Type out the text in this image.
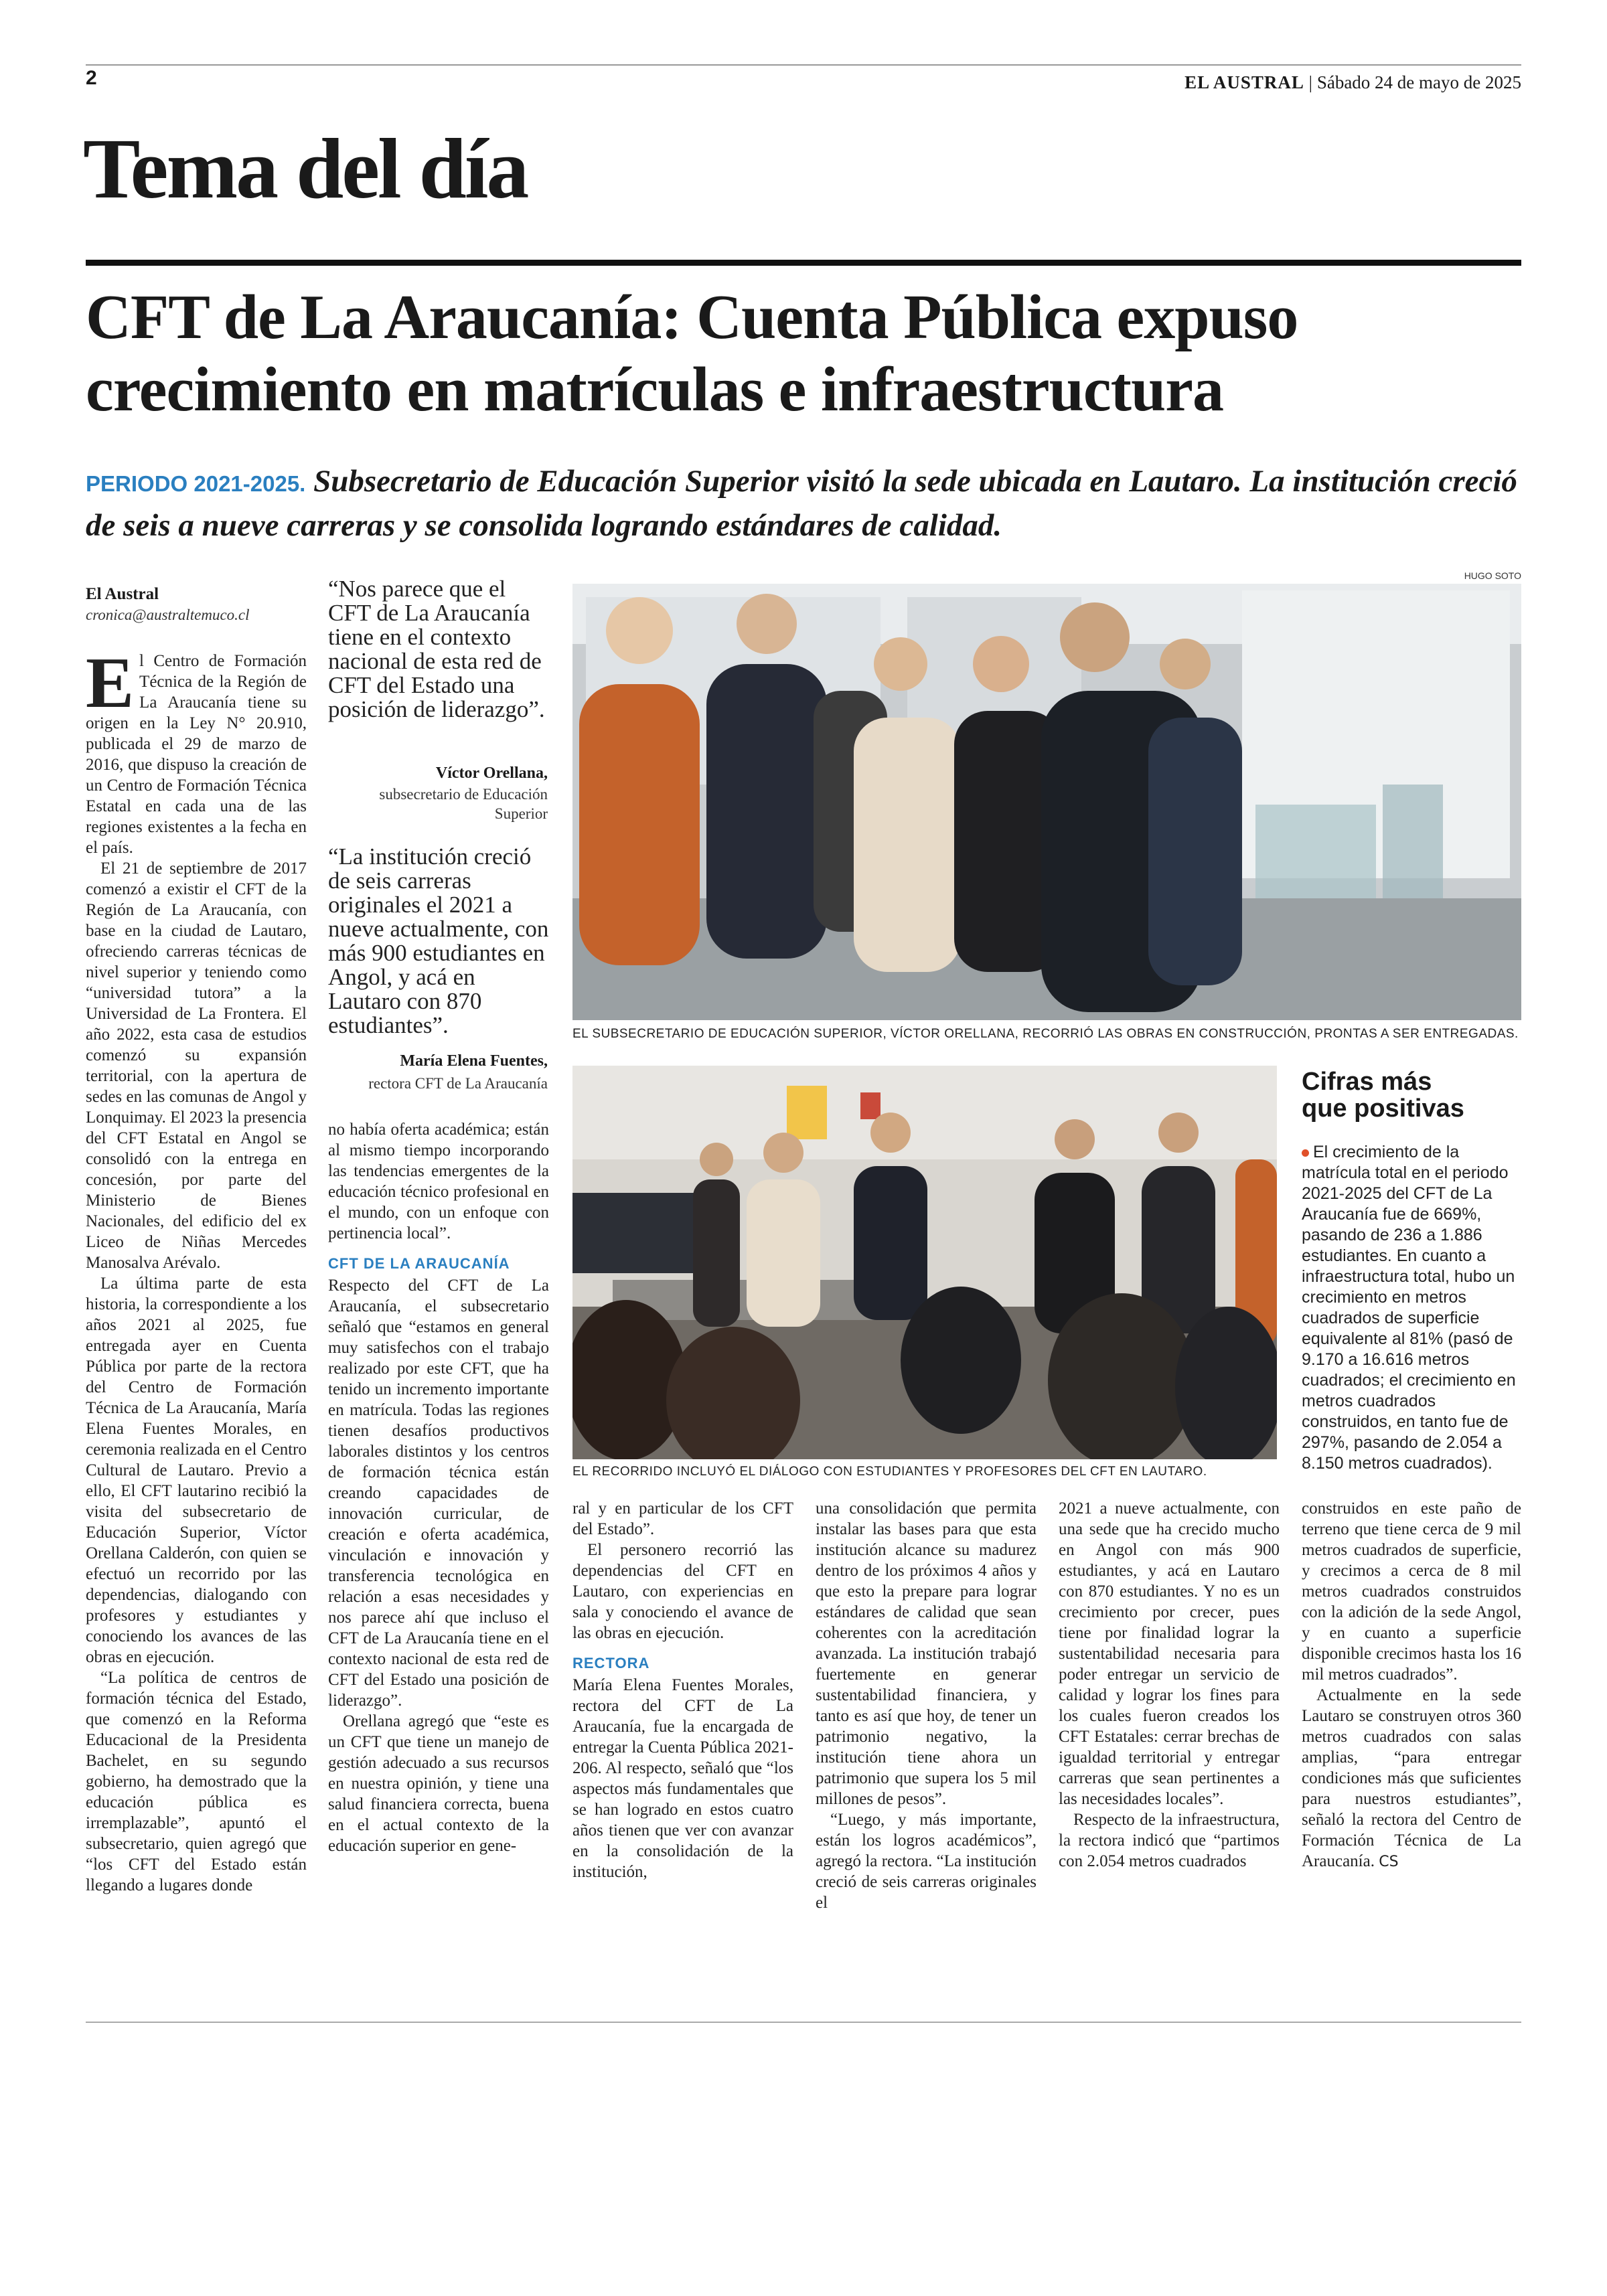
2	EL AUSTRAL | Sábado 24 de mayo de 2025
Tema del día
CFT de La Araucanía: Cuenta Pública expuso
crecimiento en matrículas e infraestructura
PERIODO 2021-2025. Subsecretario de Educación Superior visitó la sede ubicada en Lautaro. La institución creció de seis a nueve carreras y se consolida logrando estándares de calidad.
El Austral
cronica@australtemuco.cl
E l Centro de Formación Técnica de la Región de La Araucanía tiene su origen en la Ley N° 20.910, publicada el 29 de marzo de 2016, que dispuso la creación de un Centro de Formación Técnica Estatal en cada una de las regiones existentes a la fecha en el país.

El 21 de septiembre de 2017 comenzó a existir el CFT de la Región de La Araucanía, con base en la ciudad de Lautaro, ofreciendo carreras técnicas de nivel superior y teniendo como “universidad tutora” a la Universidad de La Frontera. El año 2022, esta casa de estudios comenzó su expansión territorial, con la apertura de sedes en las comunas de Angol y Lonquimay. El 2023 la presencia del CFT Estatal en Angol se consolidó con la entrega en concesión, por parte del Ministerio de Bienes Nacionales, del edificio del ex Liceo de Niñas Mercedes Manosalva Arévalo.

La última parte de esta historia, la correspondiente a los años 2021 al 2025, fue entregada ayer en Cuenta Pública por parte de la rectora del Centro de Formación Técnica de La Araucanía, María Elena Fuentes Morales, en ceremonia realizada en el Centro Cultural de Lautaro. Previo a ello, El CFT lautarino recibió la visita del subsecretario de Educación Superior, Víctor Orellana Calderón, con quien se efectuó un recorrido por las dependencias, dialogando con profesores y estudiantes y conociendo los avances de las obras en ejecución.

“La política de centros de formación técnica del Estado, que comenzó en la Reforma Educacional de la Presidenta Bachelet, en su segundo gobierno, ha demostrado que la educación pública es irremplazable”, apuntó el subsecretario, quien agregó que “los CFT del Estado están llegando a lugares donde

“Nos parece que el CFT de La Araucanía tiene en el contexto nacional de esta red de CFT del Estado una posición de liderazgo”.
Víctor Orellana,
subsecretario de Educación Superior
“La institución creció de seis carreras originales el 2021 a nueve actualmente, con más 900 estudiantes en Angol, y acá en Lautaro con 870 estudiantes”.
María Elena Fuentes,
rectora CFT de La Araucanía

no había oferta académica; están al mismo tiempo incorporando las tendencias emergentes de la educación técnico profesional en el mundo, con un enfoque con pertinencia local”.

CFT DE LA ARAUCANÍA

Respecto del CFT de La Araucanía, el subsecretario señaló que “estamos en general muy satisfechos con el trabajo realizado por este CFT, que ha tenido un incremento importante en matrícula. Todas las regiones tienen desafíos productivos laborales distintos y los centros de formación técnica están creando capacidades de innovación curricular, de creación e oferta académica, vinculación e innovación y transferencia tecnológica en relación a esas necesidades y nos parece ahí que incluso el CFT de La Araucanía tiene en el contexto nacional de esta red de CFT del Estado una posición de liderazgo”.

Orellana agregó que “este es un CFT que tiene un manejo de gestión adecuado a sus recursos en nuestra opinión, y tiene una salud financiera correcta, buena en el actual contexto de la educación superior en gene-

HUGO SOTO
EL SUBSECRETARIO DE EDUCACIÓN SUPERIOR, VÍCTOR ORELLANA, RECORRIÓ LAS OBRAS EN CONSTRUCCIÓN, PRONTAS A SER ENTREGADAS.
EL RECORRIDO INCLUYÓ EL DIÁLOGO CON ESTUDIANTES Y PROFESORES DEL CFT EN LAUTARO.
Cifras más
que positivas
El crecimiento de la matrícula total en el periodo 2021-2025 del CFT de La Araucanía fue de 669%, pasando de 236 a 1.886 estudiantes. En cuanto a infraestructura total, hubo un crecimiento en metros cuadrados de superficie equivalente al 81% (pasó de 9.170 a 16.616 metros cuadrados; el crecimiento en metros cuadrados construidos, en tanto fue de 297%, pasando de 2.054 a 8.150 metros cuadrados).

ral y en particular de los CFT del Estado”.

El personero recorrió las dependencias del CFT en Lautaro, con experiencias en sala y conociendo el avance de las obras en ejecución.

RECTORA

María Elena Fuentes Morales, rectora del CFT de La Araucanía, fue la encargada de entregar la Cuenta Pública 2021-206. Al respecto, señaló que “los aspectos más fundamentales que se han logrado en estos cuatro años tienen que ver con avanzar en la consolidación de la institución,

una consolidación que permita instalar las bases para que esta institución alcance su madurez dentro de los próximos 4 años y que esto la prepare para lograr estándares de calidad que sean coherentes con la acreditación avanzada. La institución trabajó fuertemente en generar sustentabilidad financiera, y tanto es así que hoy, de tener un patrimonio negativo, la institución tiene ahora un patrimonio que supera los 5 mil millones de pesos”.

“Luego, y más importante, están los logros académicos”, agregó la rectora. “La institución creció de seis carreras originales el

2021 a nueve actualmente, con una sede que ha crecido mucho en Angol con más 900 estudiantes, y acá en Lautaro con 870 estudiantes. Y no es un crecimiento por crecer, pues tiene por finalidad lograr la sustentabilidad necesaria para poder entregar un servicio de calidad y lograr los fines para los cuales fueron creados los CFT Estatales: cerrar brechas de igualdad territorial y entregar carreras que sean pertinentes a las necesidades locales”.

Respecto de la infraestructura, la rectora indicó que “partimos con 2.054 metros cuadrados

construidos en este paño de terreno que tiene cerca de 9 mil metros cuadrados de superficie, y crecimos a cerca de 8 mil metros cuadrados construidos con la adición de la sede Angol, y en cuanto a superficie disponible crecimos hasta los 16 mil metros cuadrados”.

Actualmente en la sede Lautaro se construyen otros 360 metros cuadrados con salas amplias, “para entregar condiciones más que suficientes para nuestros estudiantes”, señaló la rectora del Centro de Formación Técnica de La Araucanía. CS
